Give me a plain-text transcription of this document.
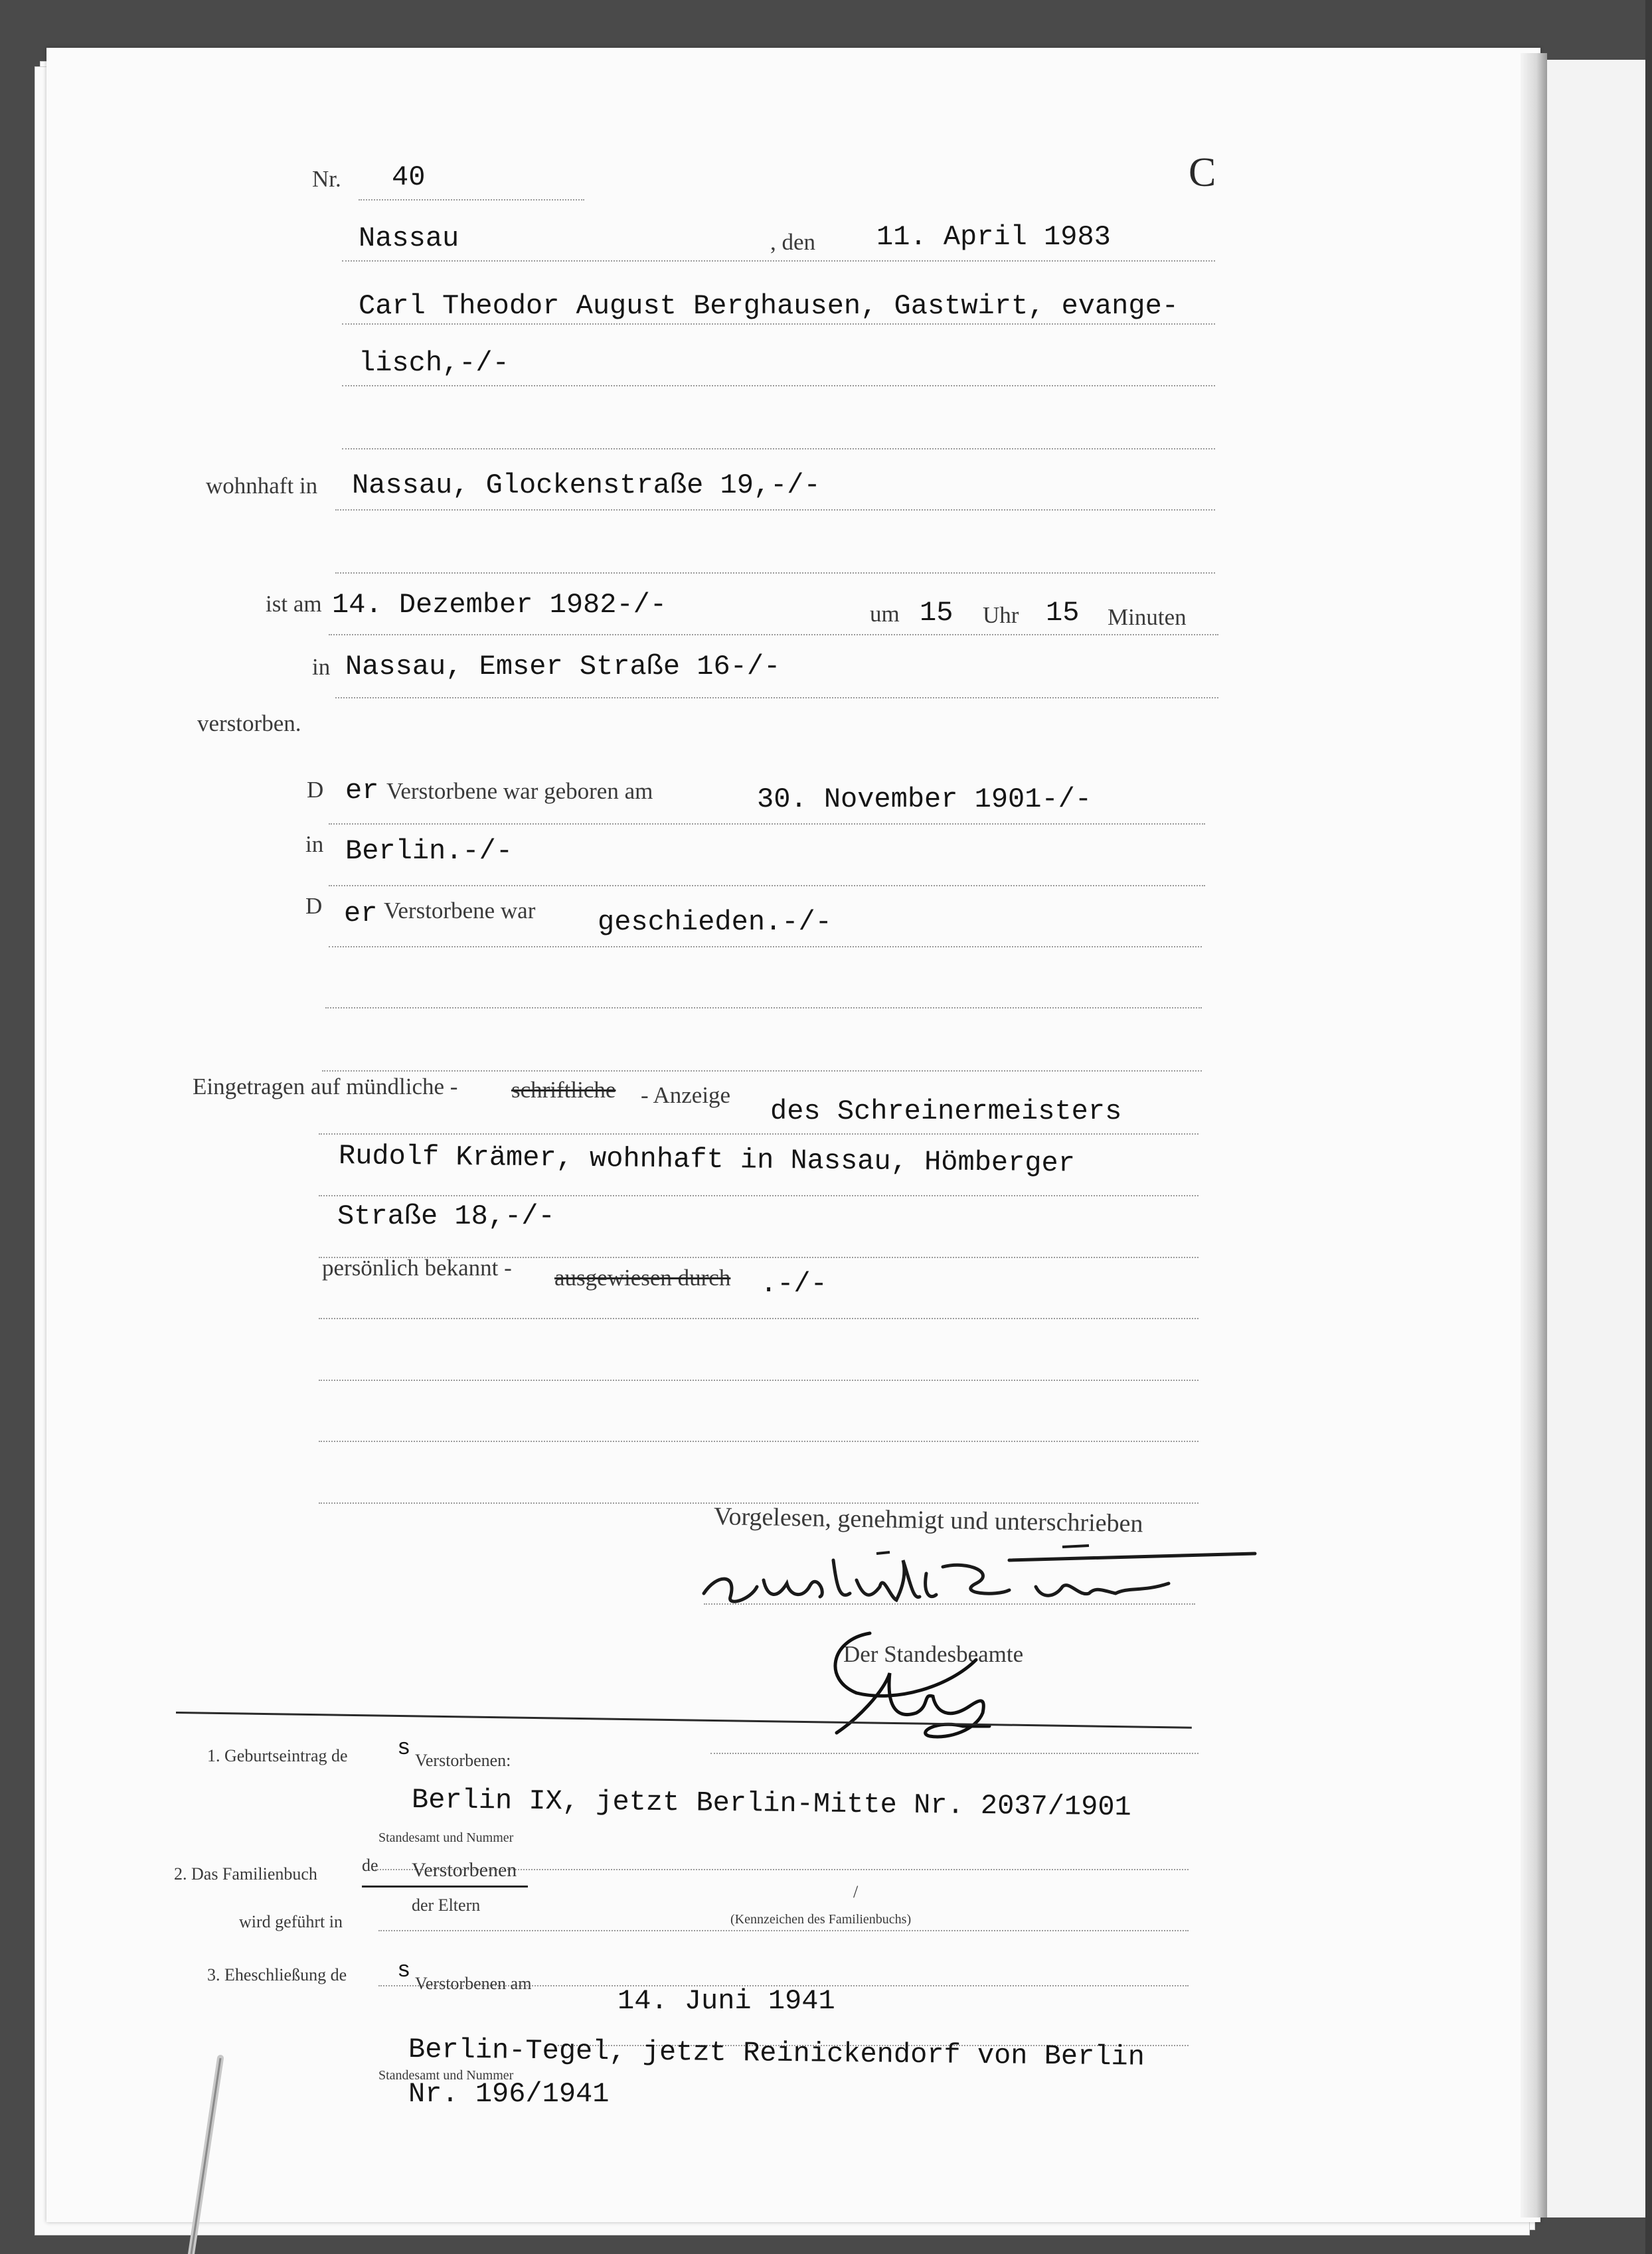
Nr. 40	C
Nassau	, den 11. April 1983
Carl Theodor August Berghausen, Gastwirt, evange-
lisch,-/-
wohnhaft in Nassau, Glockenstraße 19,-/-
ist am 14. Dezember 1982-/-	um 15 Uhr 15 Minuten
in Nassau, Emser Straße 16-/-
verstorben.
D er Verstorbene war geboren am	30. November 1901-/-
in Berlin.-/-
D er Verstorbene war geschieden.-/-
Eingetragen auf mündliche - schriftliche - Anzeige
des Schreinermeisters
Rudolf Krämer, wohnhaft in Nassau, Hömberger
Straße 18,-/-
persönlich bekannt - ausgewiesen durch .-/-
Vorgelesen, genehmigt und unterschrieben
Der Standesbeamte
1. Geburtseintrag de s Verstorbenen:
Berlin IX, jetzt Berlin-Mitte Nr. 2037/1901
Standesamt und Nummer
2. Das Familienbuch	de Verstorbenen
der Eltern
/
(Kennzeichen des Familienbuchs)
wird geführt in
3. Eheschließung de s Verstorbenen am
14. Juni 1941
Berlin-Tegel, jetzt Reinickendorf von Berlin
Standesamt und Nummer
Nr. 196/1941
